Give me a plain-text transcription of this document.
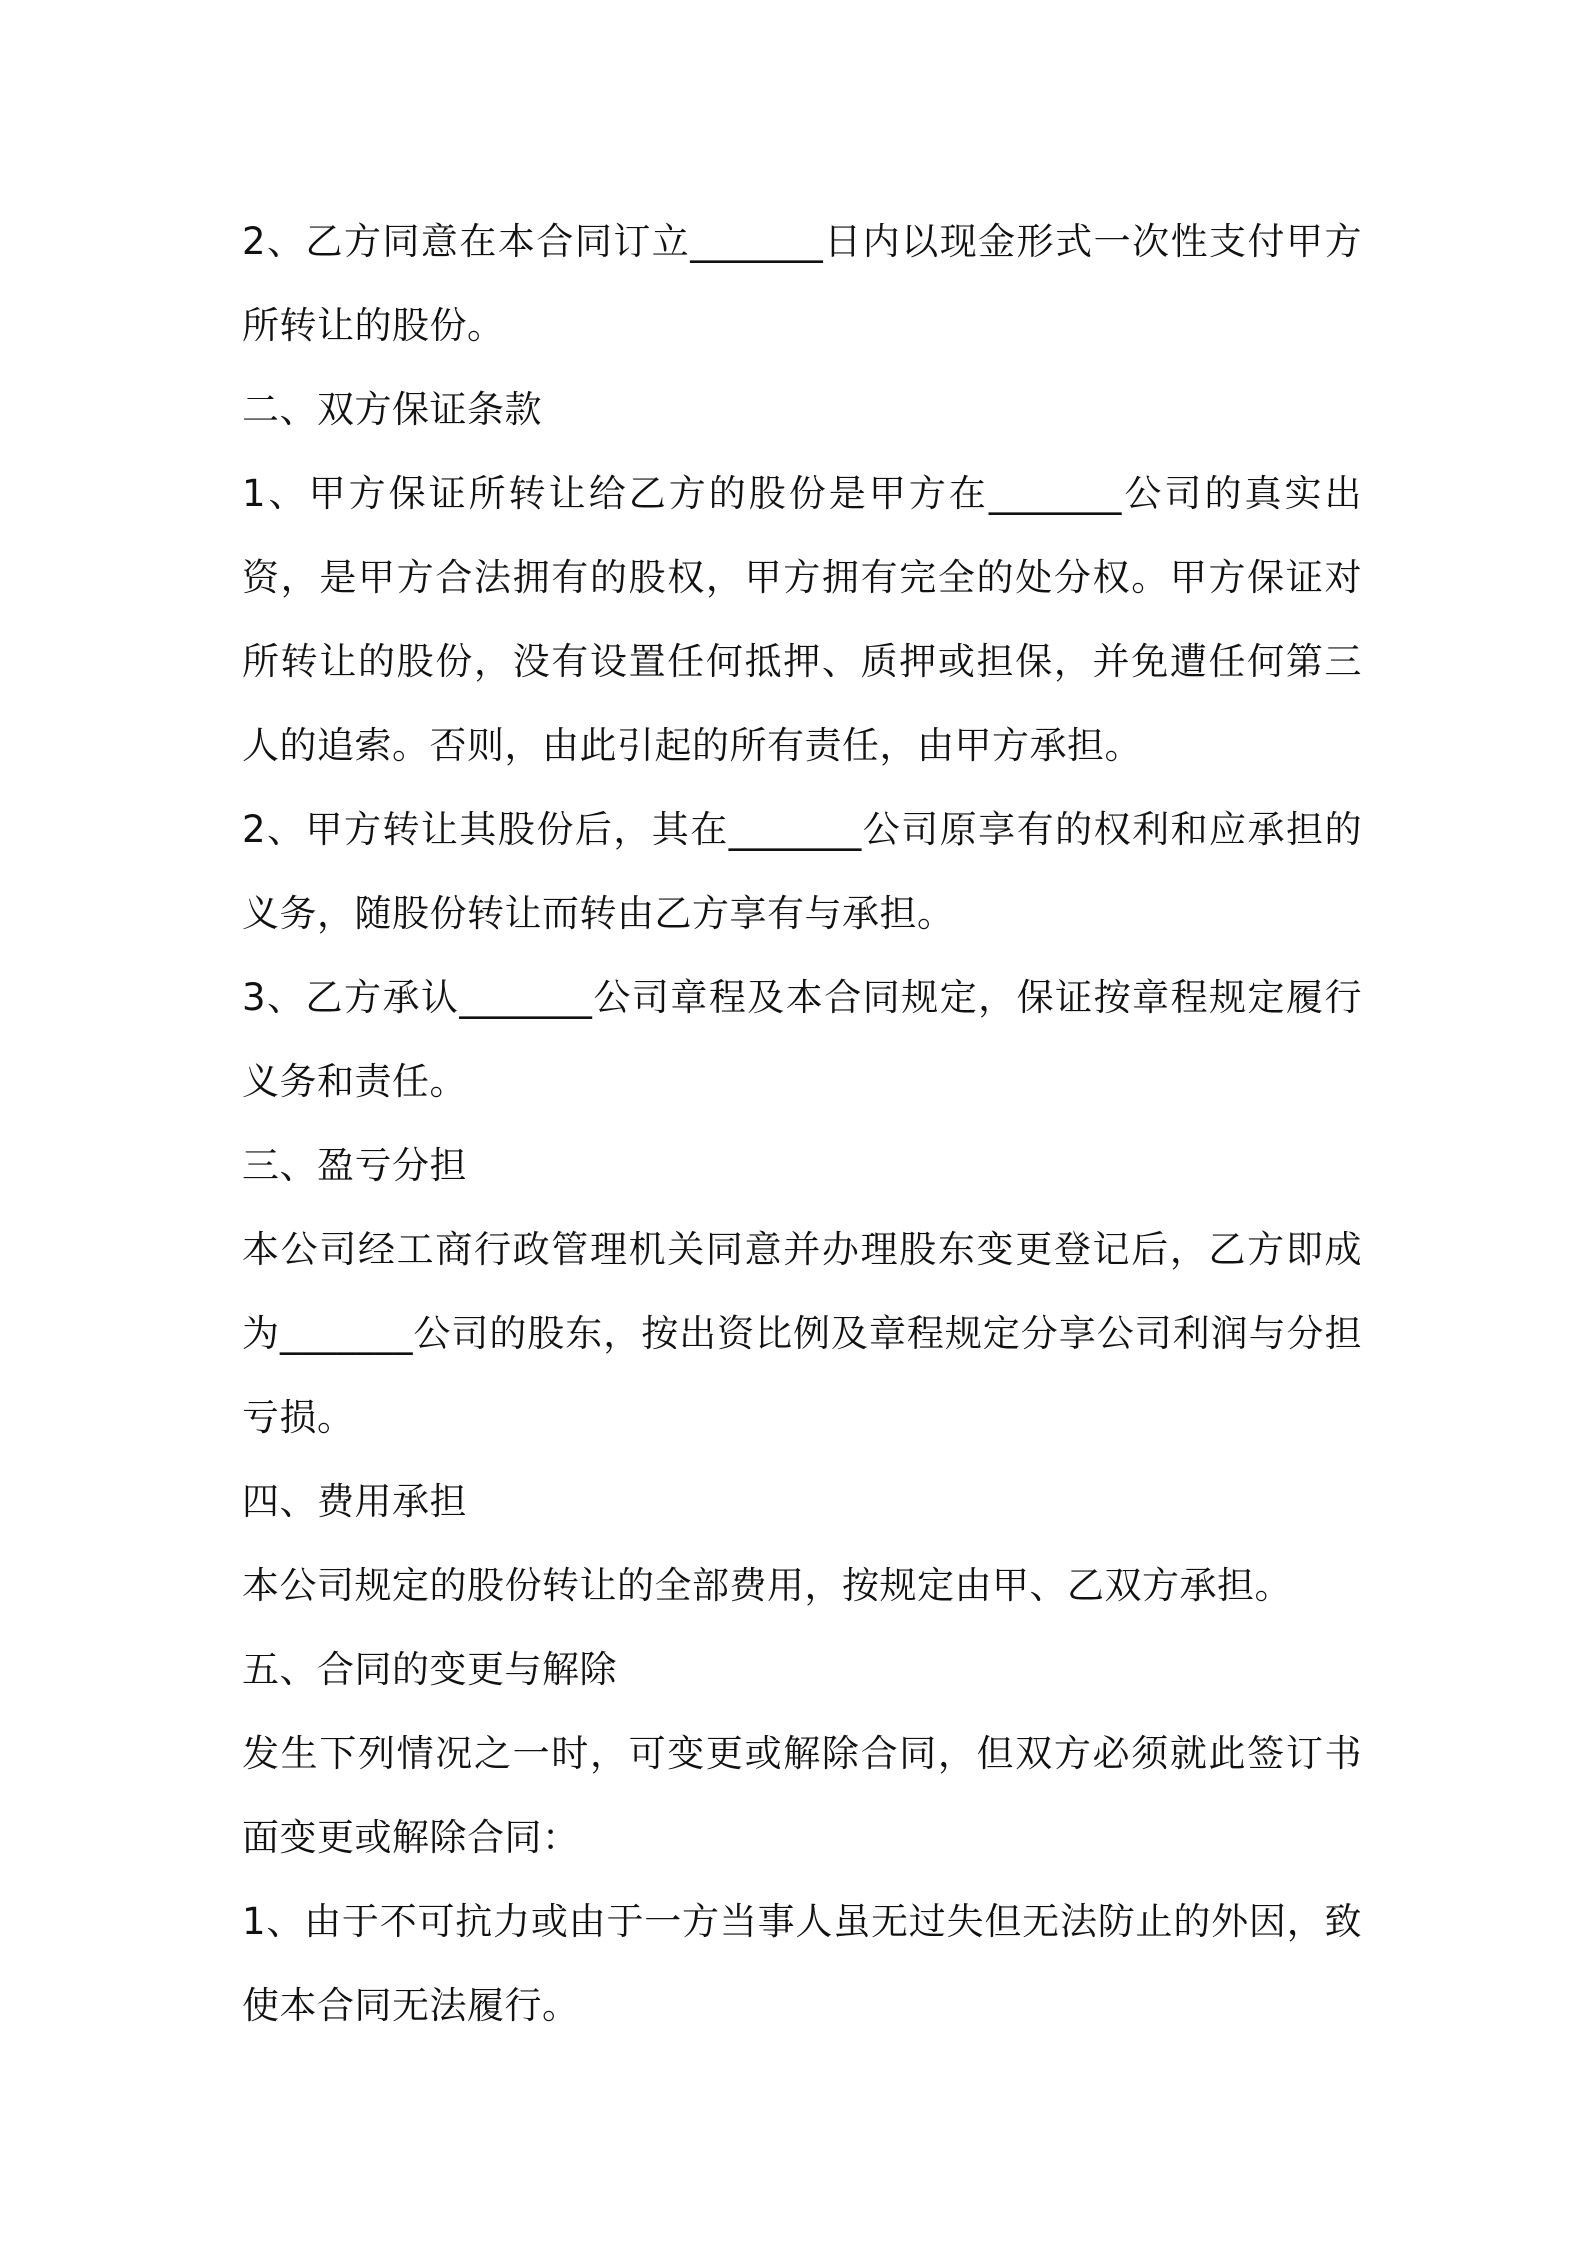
2、乙方同意在本合同订立_______日内以现金形式一次性支付甲方所转让的股份。

二、双方保证条款

1、甲方保证所转让给乙方的股份是甲方在_______公司的真实出资，是甲方合法拥有的股权，甲方拥有完全的处分权。甲方保证对所转让的股份，没有设置任何抵押、质押或担保，并免遭任何第三人的追索。否则，由此引起的所有责任，由甲方承担。

2、甲方转让其股份后，其在_______公司原享有的权利和应承担的义务，随股份转让而转由乙方享有与承担。

3、乙方承认_______公司章程及本合同规定，保证按章程规定履行义务和责任。

三、盈亏分担

本公司经工商行政管理机关同意并办理股东变更登记后，乙方即成为_______公司的股东，按出资比例及章程规定分享公司利润与分担亏损。

四、费用承担

本公司规定的股份转让的全部费用，按规定由甲、乙双方承担。

五、合同的变更与解除

发生下列情况之一时，可变更或解除合同，但双方必须就此签订书面变更或解除合同：

1、由于不可抗力或由于一方当事人虽无过失但无法防止的外因，致使本合同无法履行。
